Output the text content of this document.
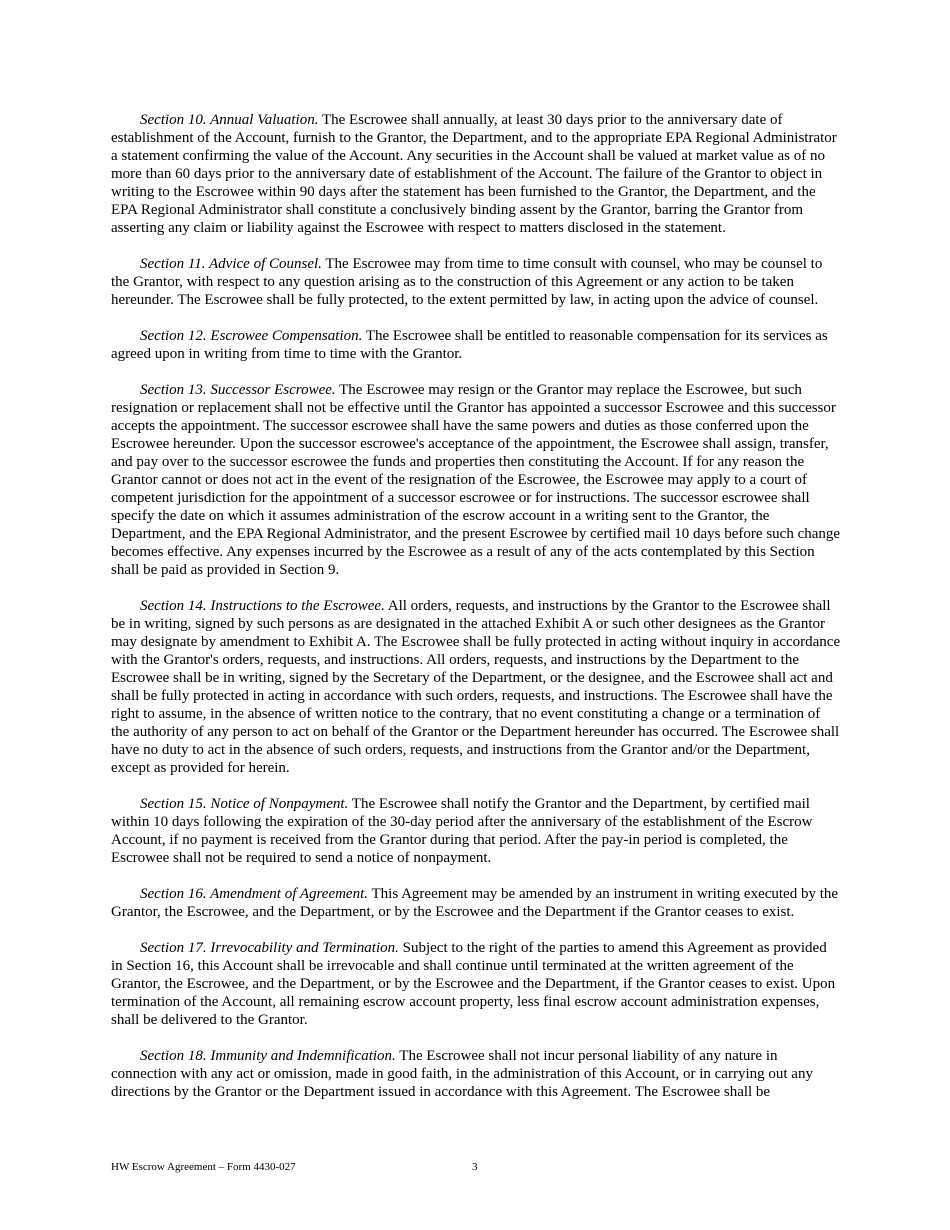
Section 10. Annual Valuation. The Escrowee shall annually, at least 30 days prior to the anniversary date of establishment of the Account, furnish to the Grantor, the Department, and to the appropriate EPA Regional Administrator a statement confirming the value of the Account. Any securities in the Account shall be valued at market value as of no more than 60 days prior to the anniversary date of establishment of the Account. The failure of the Grantor to object in writing to the Escrowee within 90 days after the statement has been furnished to the Grantor, the Department, and the EPA Regional Administrator shall constitute a conclusively binding assent by the Grantor, barring the Grantor from asserting any claim or liability against the Escrowee with respect to matters disclosed in the statement.

Section 11. Advice of Counsel. The Escrowee may from time to time consult with counsel, who may be counsel to the Grantor, with respect to any question arising as to the construction of this Agreement or any action to be taken hereunder. The Escrowee shall be fully protected, to the extent permitted by law, in acting upon the advice of counsel.

Section 12. Escrowee Compensation. The Escrowee shall be entitled to reasonable compensation for its services as agreed upon in writing from time to time with the Grantor.

Section 13. Successor Escrowee. The Escrowee may resign or the Grantor may replace the Escrowee, but such resignation or replacement shall not be effective until the Grantor has appointed a successor Escrowee and this successor accepts the appointment. The successor escrowee shall have the same powers and duties as those conferred upon the Escrowee hereunder. Upon the successor escrowee's acceptance of the appointment, the Escrowee shall assign, transfer, and pay over to the successor escrowee the funds and properties then constituting the Account. If for any reason the Grantor cannot or does not act in the event of the resignation of the Escrowee, the Escrowee may apply to a court of competent jurisdiction for the appointment of a successor escrowee or for instructions. The successor escrowee shall specify the date on which it assumes administration of the escrow account in a writing sent to the Grantor, the Department, and the EPA Regional Administrator, and the present Escrowee by certified mail 10 days before such change becomes effective. Any expenses incurred by the Escrowee as a result of any of the acts contemplated by this Section shall be paid as provided in Section 9.

Section 14. Instructions to the Escrowee. All orders, requests, and instructions by the Grantor to the Escrowee shall be in writing, signed by such persons as are designated in the attached Exhibit A or such other designees as the Grantor may designate by amendment to Exhibit A. The Escrowee shall be fully protected in acting without inquiry in accordance with the Grantor's orders, requests, and instructions. All orders, requests, and instructions by the Department to the Escrowee shall be in writing, signed by the Secretary of the Department, or the designee, and the Escrowee shall act and shall be fully protected in acting in accordance with such orders, requests, and instructions. The Escrowee shall have the right to assume, in the absence of written notice to the contrary, that no event constituting a change or a termination of the authority of any person to act on behalf of the Grantor or the Department hereunder has occurred. The Escrowee shall have no duty to act in the absence of such orders, requests, and instructions from the Grantor and/or the Department, except as provided for herein.

Section 15. Notice of Nonpayment. The Escrowee shall notify the Grantor and the Department, by certified mail within 10 days following the expiration of the 30-day period after the anniversary of the establishment of the Escrow Account, if no payment is received from the Grantor during that period. After the pay-in period is completed, the Escrowee shall not be required to send a notice of nonpayment.

Section 16. Amendment of Agreement. This Agreement may be amended by an instrument in writing executed by the Grantor, the Escrowee, and the Department, or by the Escrowee and the Department if the Grantor ceases to exist.

Section 17. Irrevocability and Termination. Subject to the right of the parties to amend this Agreement as provided in Section 16, this Account shall be irrevocable and shall continue until terminated at the written agreement of the Grantor, the Escrowee, and the Department, or by the Escrowee and the Department, if the Grantor ceases to exist. Upon termination of the Account, all remaining escrow account property, less final escrow account administration expenses, shall be delivered to the Grantor.

Section 18. Immunity and Indemnification. The Escrowee shall not incur personal liability of any nature in connection with any act or omission, made in good faith, in the administration of this Account, or in carrying out any directions by the Grantor or the Department issued in accordance with this Agreement. The Escrowee shall be

HW Escrow Agreement – Form 4430-027	3
